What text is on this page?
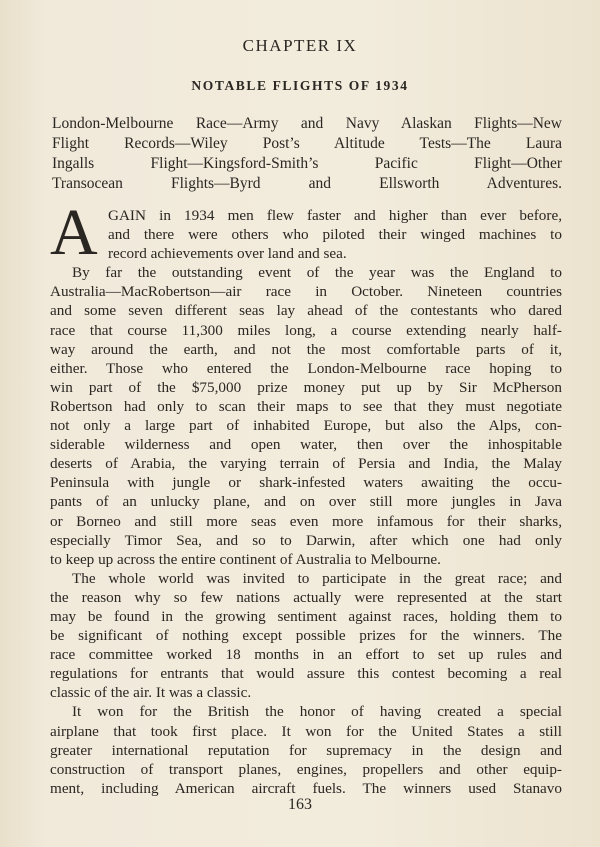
CHAPTER IX
NOTABLE FLIGHTS OF 1934
London-Melbourne Race—Army and Navy Alaskan Flights—New
Flight Records—Wiley Post’s Altitude Tests—The Laura
Ingalls Flight—Kingsford-Smith’s Pacific Flight—Other
Transocean Flights—Byrd and Ellsworth Adventures.
A GAIN in 1934 men flew faster and higher than ever before,
and there were others who piloted their winged machines to
record achievements over land and sea.
By far the outstanding event of the year was the England to
Australia—MacRobertson—air race in October. Nineteen countries
and some seven different seas lay ahead of the contestants who dared
race that course 11,300 miles long, a course extending nearly half-
way around the earth, and not the most comfortable parts of it,
either. Those who entered the London-Melbourne race hoping to
win part of the $75,000 prize money put up by Sir McPherson
Robertson had only to scan their maps to see that they must negotiate
not only a large part of inhabited Europe, but also the Alps, con-
siderable wilderness and open water, then over the inhospitable
deserts of Arabia, the varying terrain of Persia and India, the Malay
Peninsula with jungle or shark-infested waters awaiting the occu-
pants of an unlucky plane, and on over still more jungles in Java
or Borneo and still more seas even more infamous for their sharks,
especially Timor Sea, and so to Darwin, after which one had only
to keep up across the entire continent of Australia to Melbourne.
The whole world was invited to participate in the great race; and
the reason why so few nations actually were represented at the start
may be found in the growing sentiment against races, holding them to
be significant of nothing except possible prizes for the winners. The
race committee worked 18 months in an effort to set up rules and
regulations for entrants that would assure this contest becoming a real
classic of the air. It was a classic.
It won for the British the honor of having created a special
airplane that took first place. It won for the United States a still
greater international reputation for supremacy in the design and
construction of transport planes, engines, propellers and other equip-
ment, including American aircraft fuels. The winners used Stanavo
163
